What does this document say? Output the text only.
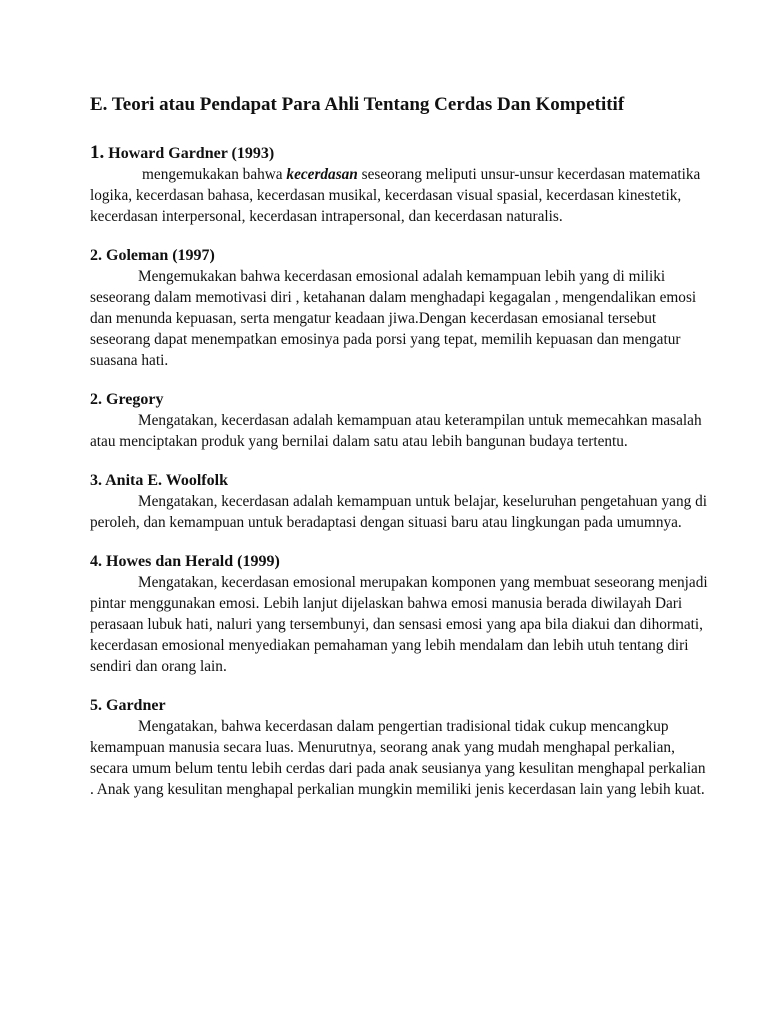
E. Teori atau Pendapat Para Ahli Tentang Cerdas Dan Kompetitif

1. Howard Gardner (1993)

mengemukakan bahwa kecerdasan seseorang meliputi unsur-unsur kecerdasan matematika logika, kecerdasan bahasa, kecerdasan musikal, kecerdasan visual spasial, kecerdasan kinestetik, kecerdasan interpersonal, kecerdasan intrapersonal, dan kecerdasan naturalis.

2. Goleman (1997)

Mengemukakan bahwa kecerdasan emosional adalah kemampuan lebih yang di miliki seseorang dalam memotivasi diri , ketahanan dalam menghadapi kegagalan , mengendalikan emosi dan menunda kepuasan, serta mengatur keadaan jiwa.Dengan kecerdasan emosianal tersebut seseorang dapat menempatkan emosinya pada porsi yang tepat, memilih kepuasan dan mengatur suasana hati.

2. Gregory

Mengatakan, kecerdasan adalah kemampuan atau keterampilan untuk memecahkan masalah atau menciptakan produk yang bernilai dalam satu atau lebih bangunan budaya tertentu.

3. Anita E. Woolfolk

Mengatakan, kecerdasan adalah kemampuan untuk belajar, keseluruhan pengetahuan yang di peroleh, dan kemampuan untuk beradaptasi dengan situasi baru atau lingkungan pada umumnya.

4. Howes dan Herald (1999)

Mengatakan, kecerdasan emosional merupakan komponen yang membuat seseorang menjadi pintar menggunakan emosi. Lebih lanjut dijelaskan bahwa emosi manusia berada diwilayah Dari perasaan lubuk hati, naluri yang tersembunyi, dan sensasi emosi yang apa bila diakui dan dihormati, kecerdasan emosional menyediakan pemahaman yang lebih mendalam dan lebih utuh tentang diri sendiri dan orang lain.

5. Gardner

Mengatakan, bahwa kecerdasan dalam pengertian tradisional tidak cukup mencangkup kemampuan manusia secara luas. Menurutnya, seorang anak yang mudah menghapal perkalian, secara umum belum tentu lebih cerdas dari pada anak seusianya yang kesulitan menghapal perkalian . Anak yang kesulitan menghapal perkalian mungkin memiliki jenis kecerdasan lain yang lebih kuat.
